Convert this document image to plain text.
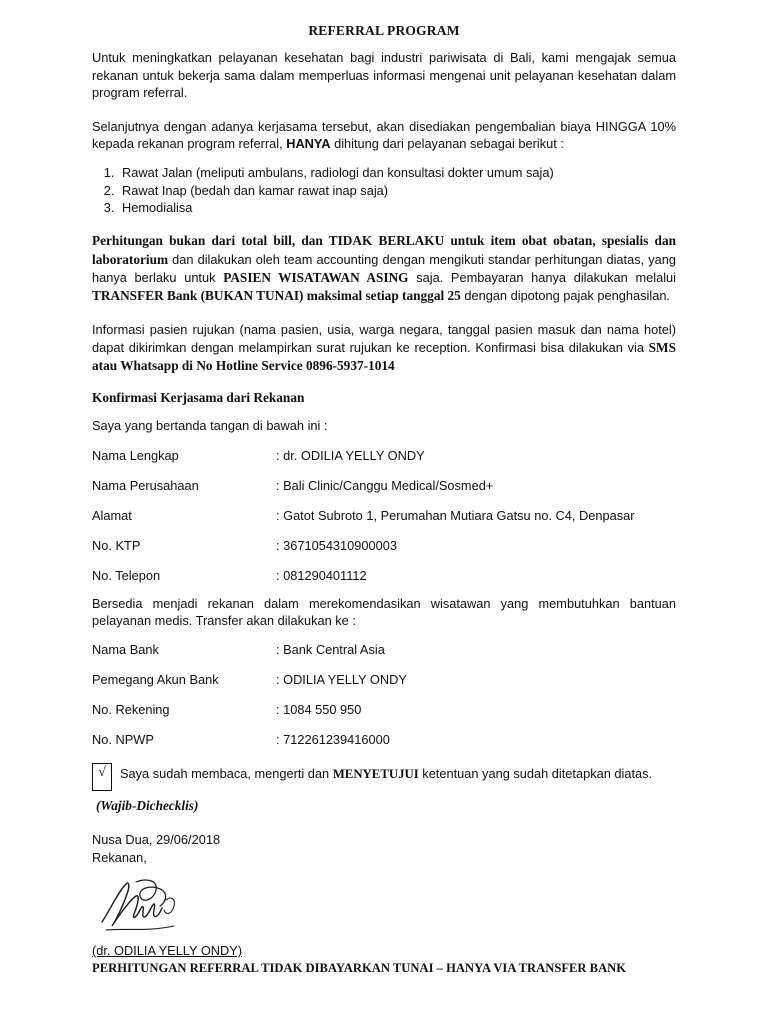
REFERRAL PROGRAM

Untuk meningkatkan pelayanan kesehatan bagi industri pariwisata di Bali, kami mengajak semua rekanan untuk bekerja sama dalam memperluas informasi mengenai unit pelayanan kesehatan dalam program referral.

Selanjutnya dengan adanya kerjasama tersebut, akan disediakan pengembalian biaya HINGGA 10% kepada rekanan program referral, HANYA dihitung dari pelayanan sebagai berikut :

1. Rawat Jalan (meliputi ambulans, radiologi dan konsultasi dokter umum saja)
2. Rawat Inap (bedah dan kamar rawat inap saja)
3. Hemodialisa

Perhitungan bukan dari total bill, dan TIDAK BERLAKU untuk item obat obatan, spesialis dan laboratorium dan dilakukan oleh team accounting dengan mengikuti standar perhitungan diatas, yang hanya berlaku untuk PASIEN WISATAWAN ASING saja. Pembayaran hanya dilakukan melalui TRANSFER Bank (BUKAN TUNAI) maksimal setiap tanggal 25 dengan dipotong pajak penghasilan.

Informasi pasien rujukan (nama pasien, usia, warga negara, tanggal pasien masuk dan nama hotel) dapat dikirimkan dengan melampirkan surat rujukan ke reception. Konfirmasi bisa dilakukan via SMS atau Whatsapp di No Hotline Service 0896-5937-1014

Konfirmasi Kerjasama dari Rekanan

Saya yang bertanda tangan di bawah ini :

Nama Lengkap	: dr. ODILIA YELLY ONDY
Nama Perusahaan	: Bali Clinic/Canggu Medical/Sosmed+
Alamat	: Gatot Subroto 1, Perumahan Mutiara Gatsu no. C4, Denpasar
No. KTP	: 3671054310900003
No. Telepon	: 081290401112

Bersedia menjadi rekanan dalam merekomendasikan wisatawan yang membutuhkan bantuan pelayanan medis. Transfer akan dilakukan ke :

Nama Bank	: Bank Central Asia
Pemegang Akun Bank	: ODILIA YELLY ONDY
No. Rekening	: 1084 550 950
No. NPWP	: 712261239416000
√	Saya sudah membaca, mengerti dan MENYETUJUI ketentuan yang sudah ditetapkan diatas.
(Wajib-Dichecklis)
Nusa Dua, 29/06/2018
Rekanan,
(dr. ODILIA YELLY ONDY)
PERHITUNGAN REFERRAL TIDAK DIBAYARKAN TUNAI – HANYA VIA TRANSFER BANK
